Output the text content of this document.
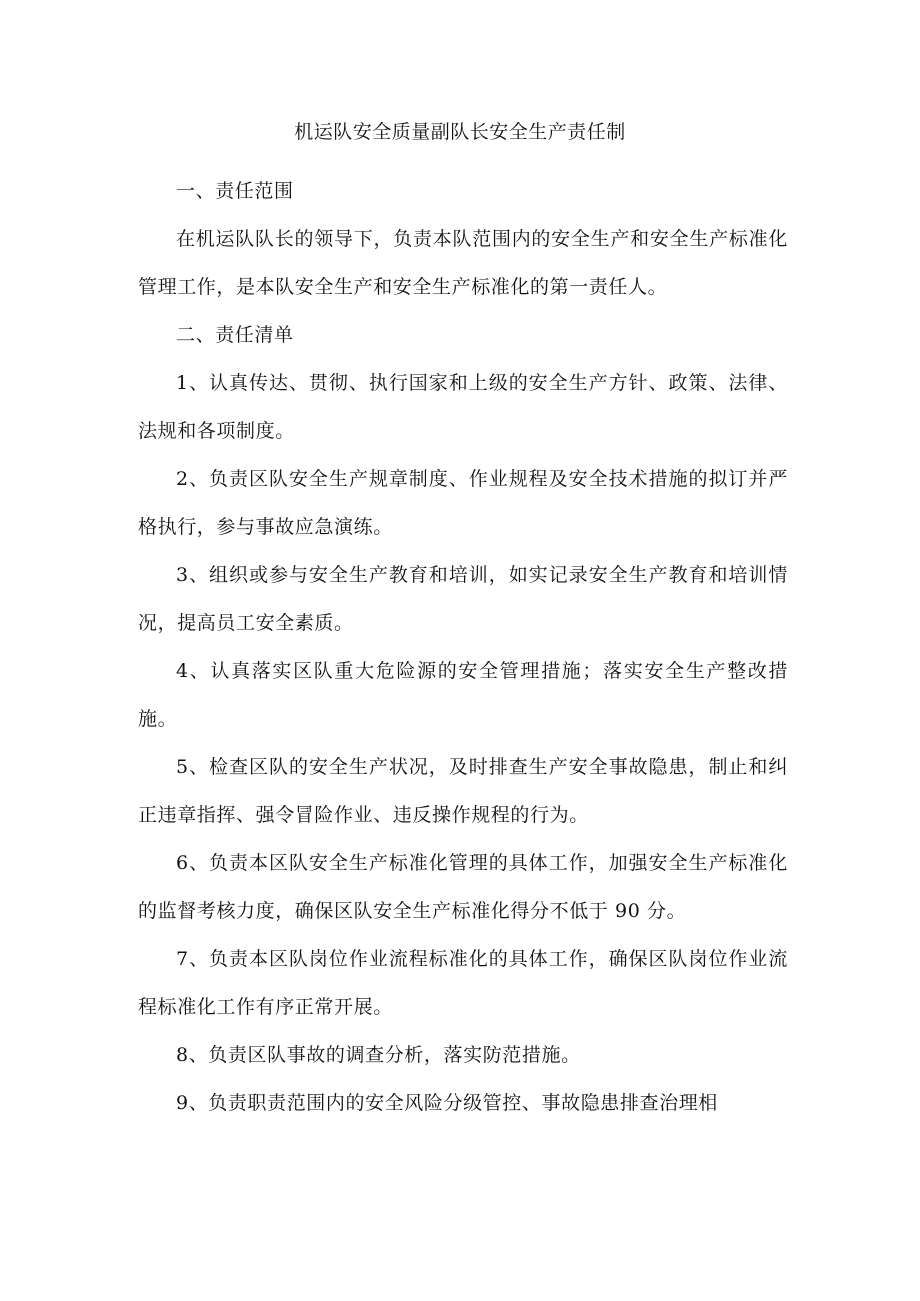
机运队安全质量副队长安全生产责任制

一、责任范围

在机运队队长的领导下，负责本队范围内的安全生产和安全生产标准化管理工作，是本队安全生产和安全生产标准化的第一责任人。

二、责任清单

1、认真传达、贯彻、执行国家和上级的安全生产方针、政策、法律、法规和各项制度。

2、负责区队安全生产规章制度、作业规程及安全技术措施的拟订并严格执行，参与事故应急演练。

3、组织或参与安全生产教育和培训，如实记录安全生产教育和培训情况，提高员工安全素质。

4、认真落实区队重大危险源的安全管理措施；落实安全生产整改措施。

5、检查区队的安全生产状况，及时排查生产安全事故隐患，制止和纠正违章指挥、强令冒险作业、违反操作规程的行为。

6、负责本区队安全生产标准化管理的具体工作，加强安全生产标准化的监督考核力度，确保区队安全生产标准化得分不低于 90 分。

7、负责本区队岗位作业流程标准化的具体工作，确保区队岗位作业流程标准化工作有序正常开展。

8、负责区队事故的调查分析，落实防范措施。

9、负责职责范围内的安全风险分级管控、事故隐患排查治理相
